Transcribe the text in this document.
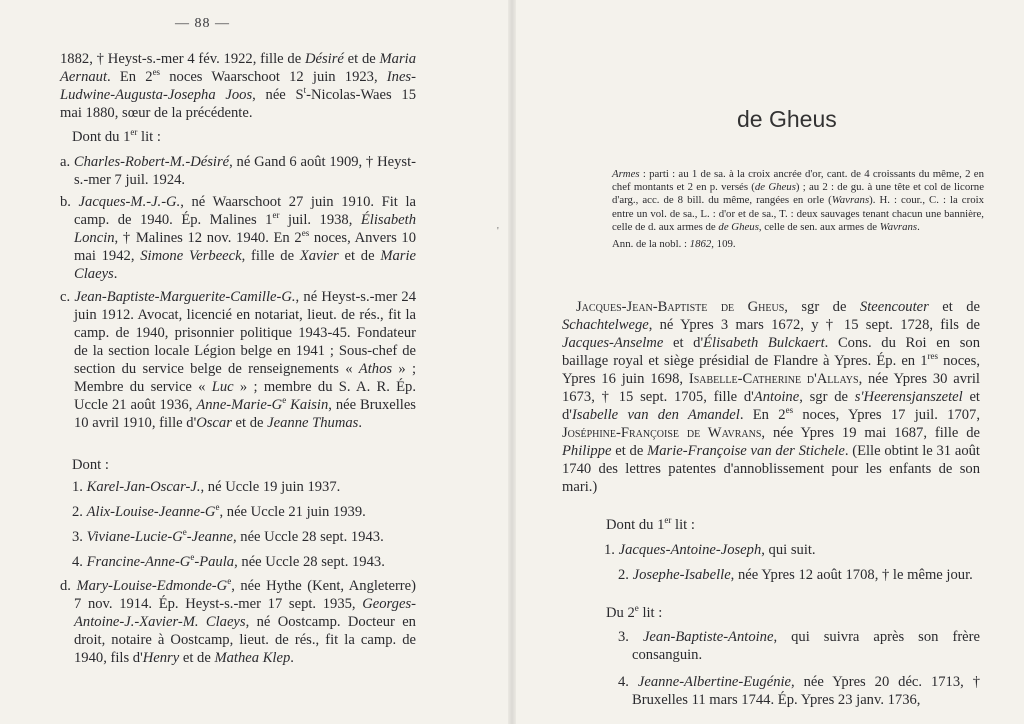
— 88 —
1882, † Heyst-s.-mer 4 fév. 1922, fille de Désiré et de Maria Aernaut. En $2^{es}$ noces Waarschoot 12 juin 1923, Ines-Ludwine-Augusta-Josepha Joos, née $S^t-Nicolas$-Waes 15 mai 1880, sœur de la précédente.
Dont du 1er lit :

a. Charles-Robert-M.-Désiré, né Gand 6 août 1909, † Heyst-s.-mer 7 juil. 1924.

b. Jacques-M.-J.-G., né Waarschoot 27 juin 1910. Fit la camp. de 1940. Ép. Malines 1er juil. 1938, Élisabeth Loncin, † Malines 12 nov. 1940. En $2^{es}$ noces, Anvers 10 mai 1942, Simone Verbeeck, fille de Xavier et de Marie Claeys.

c. Jean-Baptiste-Marguerite-Camille-G., né Heyst-s.-mer 24 juin 1912. Avocat, licencié en notariat, lieut. de rés., fit la camp. de 1940, prisonnier politique 1943-45. Fondateur de la section locale Légion belge en 1941 ; Sous-chef de section du service belge de renseignements « Athos » ; Membre du service « Luc » ; membre du S. A. R. Ép. Uccle 21 août 1936, Anne-$Marie-G^e$ Kaisin, née Bruxelles 10 avril 1910, fille d'Oscar et de Jeanne Thumas.

Dont :
1. Karel-Jan-Oscar-J., né Uccle 19 juin 1937.
2. Alix-$Louise-Jeanne-G^e$, née Uccle 21 juin 1939.
3. Viviane-$Lucie-G^e$-Jeanne, née Uccle 28 sept. 1943.
4. Francine-$Anne-G^e$-Paula, née Uccle 28 sept. 1943.

d. Mary-$Louise-Edmonde-G^e$, née Hythe (Kent, Angleterre) 7 nov. 1914. Ép. Heyst-s.-mer 17 sept. 1935, Georges-Antoine-J.-Xavier-M. Claeys, né Oostcamp. Docteur en droit, notaire à Oostcamp, lieut. de rés., fit la camp. de 1940, fils d'Henry et de Mathea Klep.

'
de Gheus
Armes : parti : au 1 de sa. à la croix ancrée d'or, cant. de 4 croissants du même, 2 en chef montants et 2 en p. versés (de Gheus) ; au 2 : de gu. à une tête et col de licorne d'arg., acc. de 8 bill. du même, rangées en orle (Wavrans). H. : cour., C. : la croix entre un vol. de sa., L. : d'or et de sa., T. : deux sauvages tenant chacun une bannière, celle de d. aux armes de de Gheus, celle de sen. aux armes de Wavrans.
Ann. de la nobl. : 1862, 109.
Jacques-Jean-Baptiste de Gheus, sgr de Steencouter et de Schachtelwege, né Ypres 3 mars 1672, y † 15 sept. 1728, fils de Jacques-Anselme et d'Élisabeth Bulckaert. Cons. du Roi en son baillage royal et siège présidial de Flandre à Ypres. Ép. en 1res noces, Ypres 16 juin 1698, Isabelle-Catherine d'Allays, née Ypres 30 avril 1673, † 15 sept. 1705, fille d'Antoine, sgr de s'Heerensjanszetel et d'Isabelle van den Amandel. En $2^{es}$ noces, Ypres 17 juil. 1707, Joséphine-Françoise de Wavrans, née Ypres 19 mai 1687, fille de Philippe et de Marie-Françoise van der Stichele. (Elle obtint le 31 août 1740 des lettres patentes d'annoblissement pour les enfants de son mari.)
Dont du 1er lit :
1. Jacques-Antoine-Joseph, qui suit.

2. Josephe-Isabelle, née Ypres 12 août 1708, † le même jour.

Du 2e lit :

3. Jean-Baptiste-Antoine, qui suivra après son frère consanguin.

4. Jeanne-Albertine-Eugénie, née Ypres 20 déc. 1713, † Bruxelles 11 mars 1744. Ép. Ypres 23 janv. 1736,
